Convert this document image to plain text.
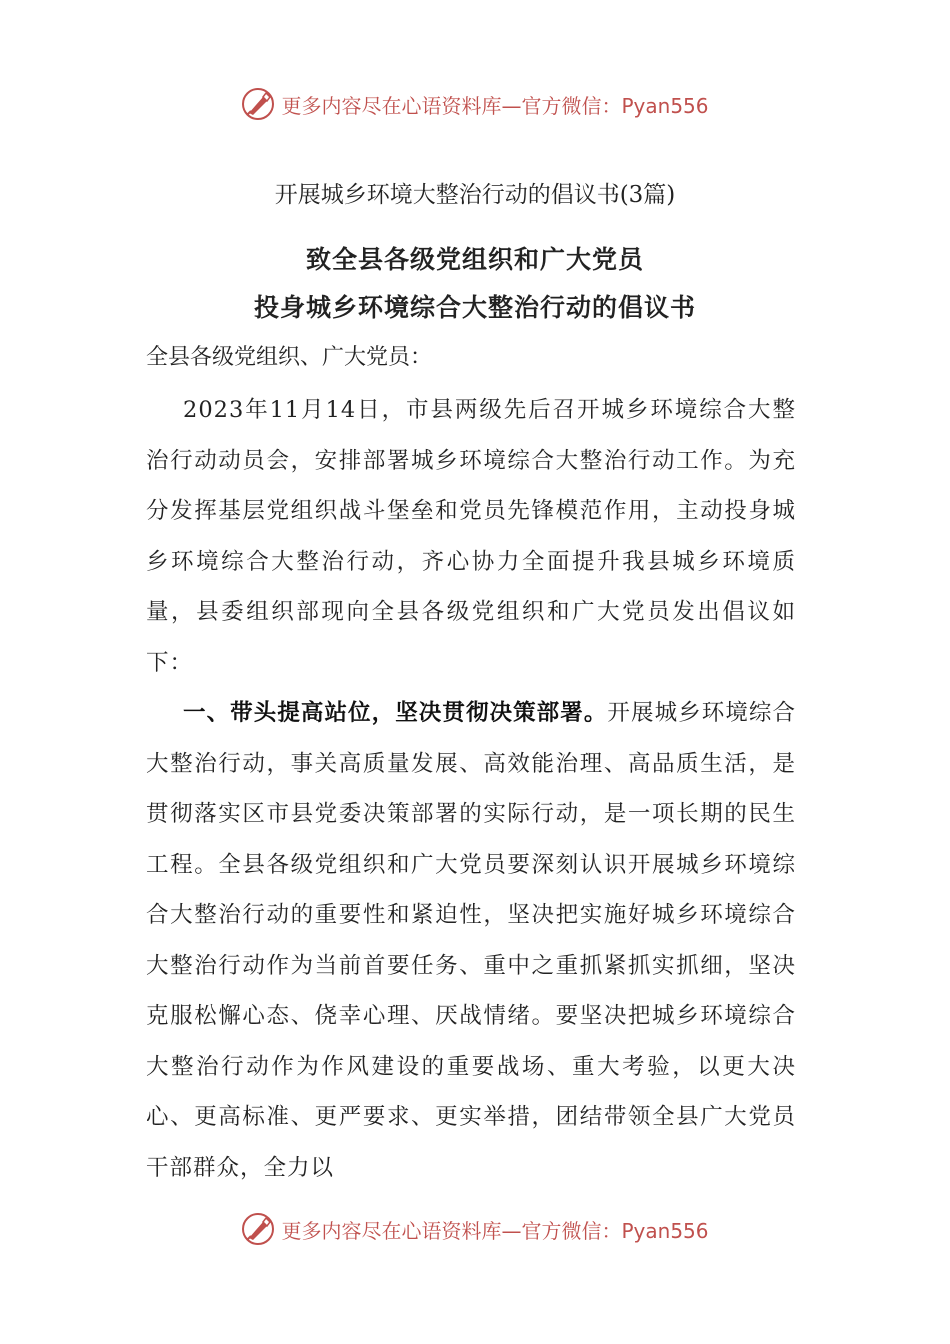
更多内容尽在心语资料库—官方微信：Pyan556
开展城乡环境大整治行动的倡议书(3篇)
致全县各级党组织和广大党员
投身城乡环境综合大整治行动的倡议书

全县各级党组织、广大党员：

2023年11月14日，市县两级先后召开城乡环境综合大整治行动动员会，安排部署城乡环境综合大整治行动工作。为充分发挥基层党组织战斗堡垒和党员先锋模范作用，主动投身城乡环境综合大整治行动，齐心协力全面提升我县城乡环境质量，县委组织部现向全县各级党组织和广大党员发出倡议如下：

一、带头提高站位，坚决贯彻决策部署。开展城乡环境综合大整治行动，事关高质量发展、高效能治理、高品质生活，是贯彻落实区市县党委决策部署的实际行动，是一项长期的民生工程。全县各级党组织和广大党员要深刻认识开展城乡环境综合大整治行动的重要性和紧迫性，坚决把实施好城乡环境综合大整治行动作为当前首要任务、重中之重抓紧抓实抓细，坚决克服松懈心态、侥幸心理、厌战情绪。要坚决把城乡环境综合大整治行动作为作风建设的重要战场、重大考验，以更大决心、更高标准、更严要求、更实举措，团结带领全县广大党员干部群众，全力以

更多内容尽在心语资料库—官方微信：Pyan556
